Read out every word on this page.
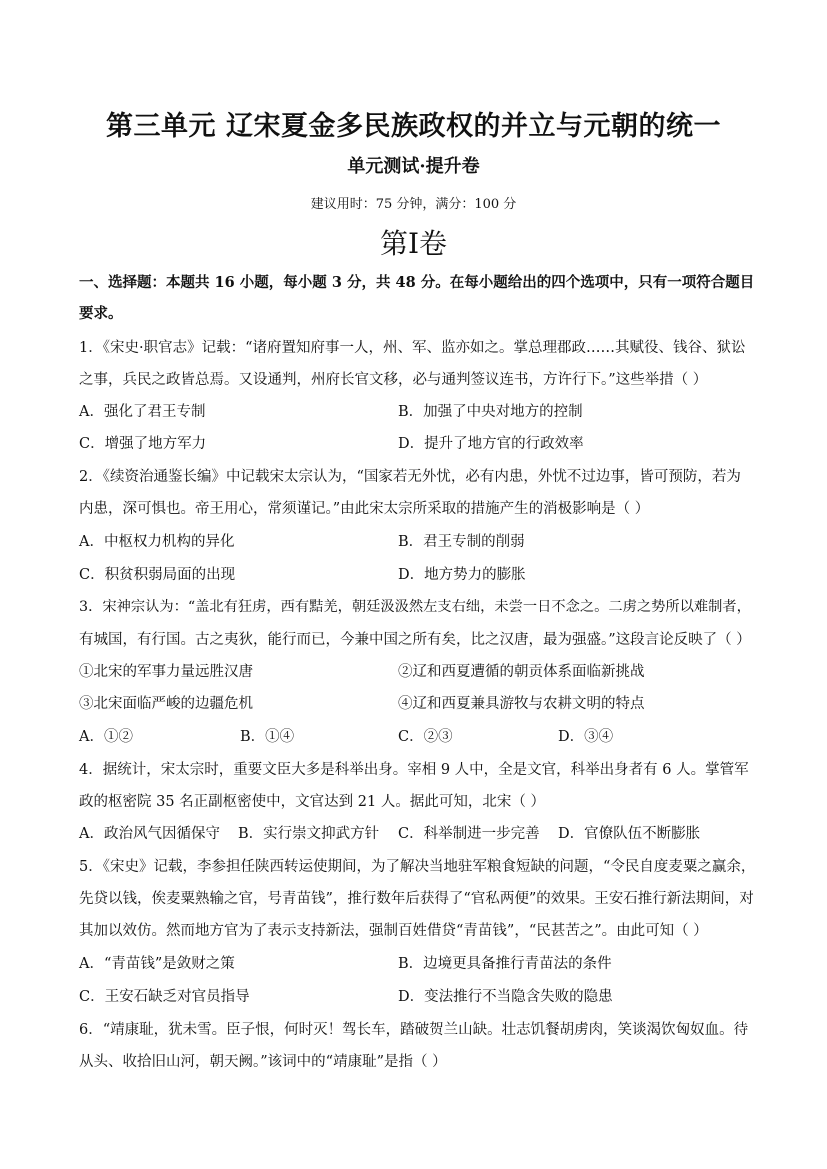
第三单元 辽宋夏金多民族政权的并立与元朝的统一
单元测试·提升卷
建议用时：75 分钟，满分：100 分
第I卷
一、选择题：本题共 16 小题，每小题 3 分，共 48 分。在每小题给出的四个选项中，只有一项符合题目
要求。
1．《宋史·职官志》记载：“诸府置知府事一人，州、军、监亦如之。掌总理郡政……其赋役、钱谷、狱讼
之事，兵民之政皆总焉。又设通判，州府长官文移，必与通判签议连书，方许行下。”这些举措（ ）
A．强化了君王专制	B．加强了中央对地方的控制
C．增强了地方军力	D．提升了地方官的行政效率
2．《续资治通鉴长编》中记载宋太宗认为，“国家若无外忧，必有内患，外忧不过边事，皆可预防，若为
内患，深可惧也。帝王用心，常须谨记。”由此宋太宗所采取的措施产生的消极影响是（ ）
A．中枢权力机构的异化	B．君王专制的削弱
C．积贫积弱局面的出现	D．地方势力的膨胀
3．宋神宗认为：“盖北有狂虏，西有黠羌，朝廷汲汲然左支右绌，未尝一日不念之。二虏之势所以难制者，
有城国，有行国。古之夷狄，能行而已，今兼中国之所有矣，比之汉唐，最为强盛。”这段言论反映了（ ）
①北宋的军事力量远胜汉唐	②辽和西夏遭循的朝贡体系面临新挑战
③北宋面临严峻的边疆危机	④辽和西夏兼具游牧与农耕文明的特点
A．①②	B．①④	C．②③	D．③④
4．据统计，宋太宗时，重要文臣大多是科举出身。宰相 9 人中，全是文官，科举出身者有 6 人。掌管军
政的枢密院 35 名正副枢密使中，文官达到 21 人。据此可知，北宋（ ）
A．政治风气因循保守 B．实行崇文抑武方针 C．科举制进一步完善 D．官僚队伍不断膨胀
5．《宋史》记载，李参担任陕西转运使期间，为了解决当地驻军粮食短缺的问题，“令民自度麦粟之赢余，
先贷以钱，俟麦粟熟输之官，号青苗钱”，推行数年后获得了“官私两便”的效果。王安石推行新法期间，对
其加以效仿。然而地方官为了表示支持新法，强制百姓借贷“青苗钱”，“民甚苦之”。由此可知（ ）
A．“青苗钱”是敛财之策	B．边境更具备推行青苗法的条件
C．王安石缺乏对官员指导	D．变法推行不当隐含失败的隐患
6．“靖康耻，犹未雪。臣子恨，何时灭！驾长车，踏破贺兰山缺。壮志饥餐胡虏肉，笑谈渴饮匈奴血。待
从头、收拾旧山河，朝天阙。”该词中的“靖康耻”是指（ ）
